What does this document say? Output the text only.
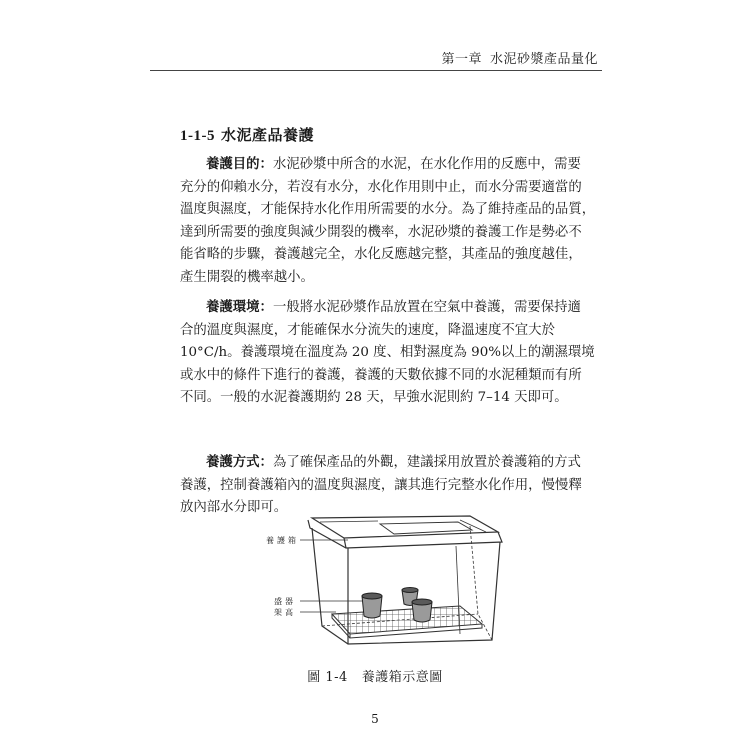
第一章 水泥砂漿產品量化
1-1-5 水泥產品養護
養護目的：水泥砂漿中所含的水泥，在水化作用的反應中，需要
充分的仰賴水分，若沒有水分，水化作用則中止，而水分需要適當的
溫度與濕度，才能保持水化作用所需要的水分。為了維持產品的品質，
達到所需要的強度與減少開裂的機率，水泥砂漿的養護工作是勢必不
能省略的步驟，養護越完全，水化反應越完整，其產品的強度越佳，
產生開裂的機率越小。
養護環境：一般將水泥砂漿作品放置在空氣中養護，需要保持適
合的溫度與濕度，才能確保水分流失的速度，降溫速度不宜大於
10°C/h。養護環境在溫度為 20 度、相對濕度為 90%以上的潮濕環境
或水中的條件下進行的養護，養護的天數依據不同的水泥種類而有所
不同。一般的水泥養護期約 28 天，早強水泥則約 7–14 天即可。
養護方式：為了確保產品的外觀，建議採用放置於養護箱的方式
養護，控制養護箱內的溫度與濕度，讓其進行完整水化作用，慢慢釋
放內部水分即可。
養護箱
盛器
架高
圖 1-4 養護箱示意圖
5
